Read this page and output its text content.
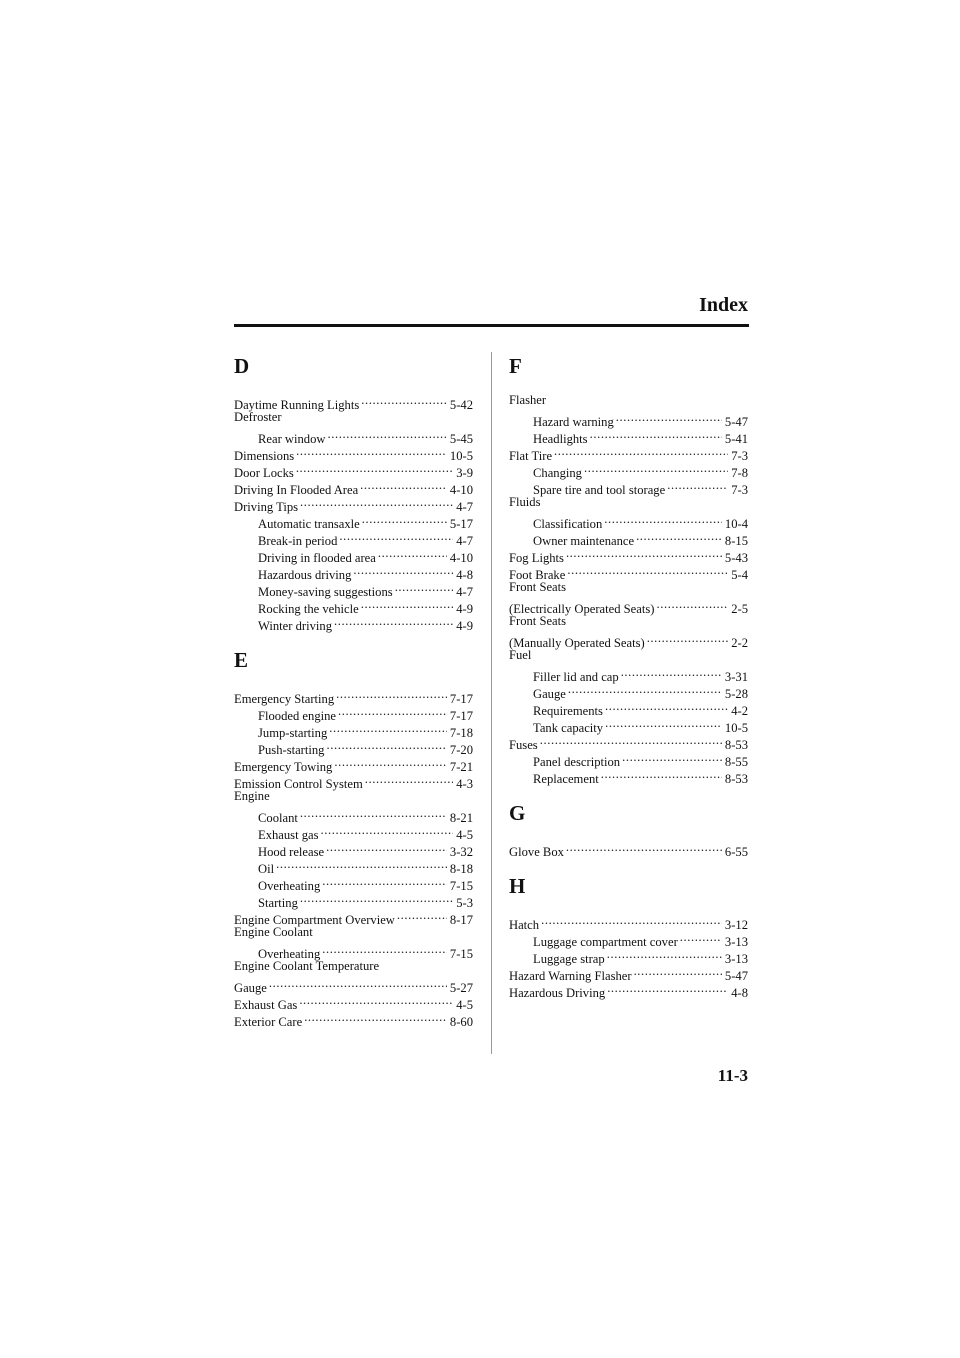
Index
D
Daytime Running Lights .....	5-42
Defroster
Rear window .....	5-45
Dimensions .....	10-5
Door Locks .....	3-9
Driving In Flooded Area .....	4-10
Driving Tips .....	4-7
Automatic transaxle .....	5-17
Break-in period .....	4-7
Driving in flooded area .....	4-10
Hazardous driving .....	4-8
Money-saving suggestions .....	4-7
Rocking the vehicle .....	4-9
Winter driving .....	4-9
E
Emergency Starting .....	7-17
Flooded engine .....	7-17
Jump-starting .....	7-18
Push-starting .....	7-20
Emergency Towing .....	7-21
Emission Control System .....	4-3
Engine
Coolant .....	8-21
Exhaust gas .....	4-5
Hood release .....	3-32
Oil .....	8-18
Overheating .....	7-15
Starting .....	5-3
Engine Compartment Overview .....	8-17
Engine Coolant
Overheating .....	7-15
Engine Coolant Temperature
Gauge .....	5-27
Exhaust Gas .....	4-5
Exterior Care .....	8-60
F
Flasher
Hazard warning .....	5-47
Headlights .....	5-41
Flat Tire .....	7-3
Changing .....	7-8
Spare tire and tool storage .....	7-3
Fluids
Classification .....	10-4
Owner maintenance .....	8-15
Fog Lights .....	5-43
Foot Brake .....	5-4
Front Seats
(Electrically Operated Seats) .....	2-5
Front Seats
(Manually Operated Seats) .....	2-2
Fuel
Filler lid and cap .....	3-31
Gauge .....	5-28
Requirements .....	4-2
Tank capacity .....	10-5
Fuses .....	8-53
Panel description .....	8-55
Replacement .....	8-53
G
Glove Box .....	6-55
H
Hatch .....	3-12
Luggage compartment cover .....	3-13
Luggage strap .....	3-13
Hazard Warning Flasher .....	5-47
Hazardous Driving .....	4-8
11-3
